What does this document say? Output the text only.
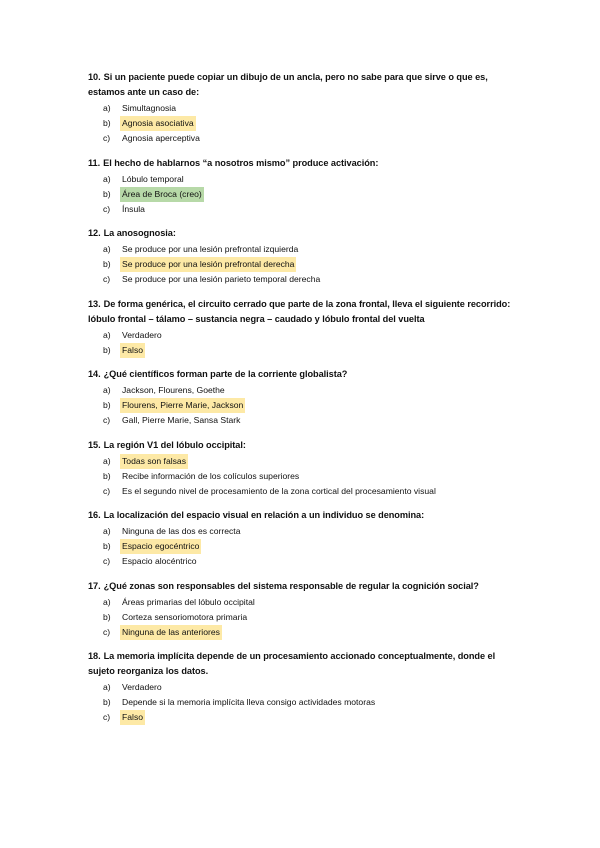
10. Si un paciente puede copiar un dibujo de un ancla, pero no sabe para que sirve o que es, estamos ante un caso de:
a)	Simultagnosia
b)	Agnosia asociativa
c)	Agnosia aperceptiva
11. El hecho de hablarnos “a nosotros mismo” produce activación:
a)	Lóbulo temporal
b)	Área de Broca (creo)
c)	Ínsula
12. La anosognosia:
a)	Se produce por una lesión prefrontal izquierda
b)	Se produce por una lesión prefrontal derecha
c)	Se produce por una lesión parieto temporal derecha
13. De forma genérica, el circuito cerrado que parte de la zona frontal, lleva el siguiente recorrido: lóbulo frontal – tálamo – sustancia negra – caudado y lóbulo frontal del vuelta
a)	Verdadero
b)	Falso
14. ¿Qué científicos forman parte de la corriente globalista?
a)	Jackson, Flourens, Goethe
b)	Flourens, Pierre Marie, Jackson
c)	Gall, Pierre Marie, Sansa Stark
15. La región V1 del lóbulo occipital:
a)	Todas son falsas
b)	Recibe información de los colículos superiores
c)	Es el segundo nivel de procesamiento de la zona cortical del procesamiento visual
16. La localización del espacio visual en relación a un individuo se denomina:
a)	Ninguna de las dos es correcta
b)	Espacio egocéntrico
c)	Espacio alocéntrico
17. ¿Qué zonas son responsables del sistema responsable de regular la cognición social?
a)	Áreas primarias del lóbulo occipital
b)	Corteza sensoriomotora primaria
c)	Ninguna de las anteriores
18. La memoria implícita depende de un procesamiento accionado conceptualmente, donde el sujeto reorganiza los datos.
a)	Verdadero
b)	Depende si la memoria implícita lleva consigo actividades motoras
c)	Falso
